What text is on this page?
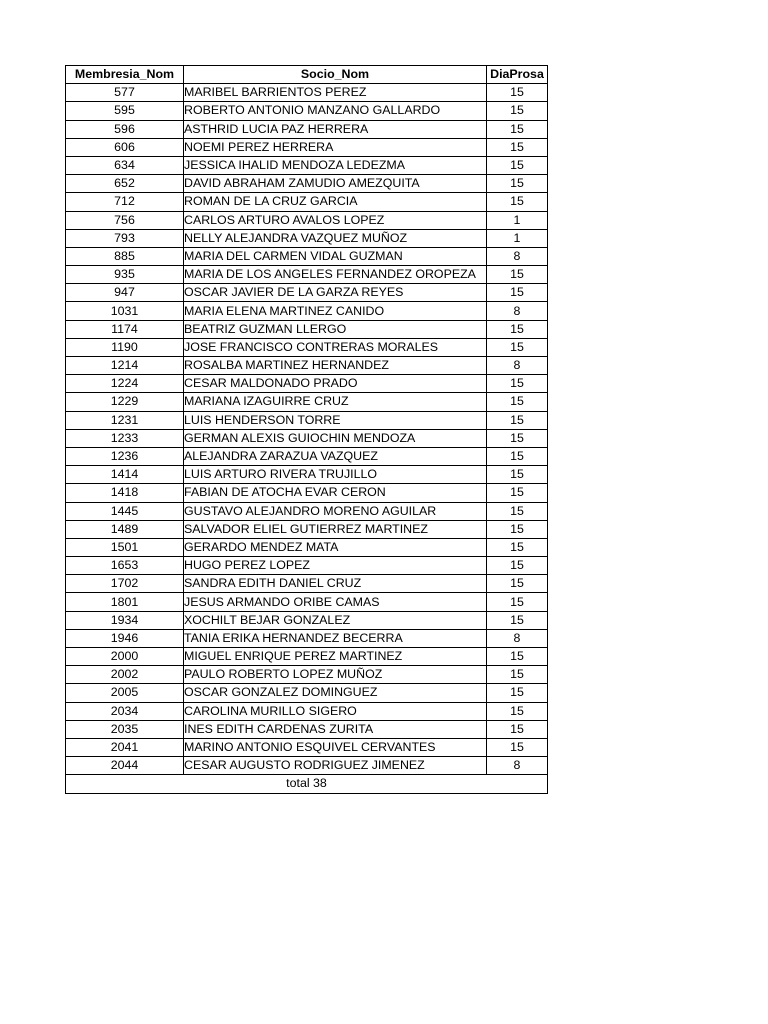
Membresia_Nom	Socio_Nom	DiaProsa
577	MARIBEL BARRIENTOS PEREZ	15
595	ROBERTO ANTONIO MANZANO GALLARDO	15
596	ASTHRID LUCIA PAZ HERRERA	15
606	NOEMI PEREZ HERRERA	15
634	JESSICA IHALID MENDOZA LEDEZMA	15
652	DAVID ABRAHAM ZAMUDIO AMEZQUITA	15
712	ROMAN DE LA CRUZ GARCIA	15
756	CARLOS ARTURO AVALOS LOPEZ	1
793	NELLY ALEJANDRA VAZQUEZ MUÑOZ	1
885	MARIA DEL CARMEN VIDAL GUZMAN	8
935	MARIA DE LOS ANGELES FERNANDEZ OROPEZA	15
947	OSCAR JAVIER DE LA GARZA REYES	15
1031	MARIA ELENA MARTINEZ CANIDO	8
1174	BEATRIZ GUZMAN LLERGO	15
1190	JOSE FRANCISCO CONTRERAS MORALES	15
1214	ROSALBA MARTINEZ HERNANDEZ	8
1224	CESAR MALDONADO PRADO	15
1229	MARIANA IZAGUIRRE CRUZ	15
1231	LUIS HENDERSON TORRE	15
1233	GERMAN ALEXIS GUIOCHIN MENDOZA	15
1236	ALEJANDRA ZARAZUA VAZQUEZ	15
1414	LUIS ARTURO RIVERA TRUJILLO	15
1418	FABIAN DE ATOCHA EVAR CERON	15
1445	GUSTAVO ALEJANDRO MORENO AGUILAR	15
1489	SALVADOR ELIEL GUTIERREZ MARTINEZ	15
1501	GERARDO MENDEZ MATA	15
1653	HUGO PEREZ LOPEZ	15
1702	SANDRA EDITH DANIEL CRUZ	15
1801	JESUS ARMANDO ORIBE CAMAS	15
1934	XOCHILT BEJAR GONZALEZ	15
1946	TANIA ERIKA HERNANDEZ BECERRA	8
2000	MIGUEL ENRIQUE PEREZ MARTINEZ	15
2002	PAULO ROBERTO LOPEZ MUÑOZ	15
2005	OSCAR GONZALEZ DOMINGUEZ	15
2034	CAROLINA MURILLO SIGERO	15
2035	INES EDITH CARDENAS ZURITA	15
2041	MARINO ANTONIO ESQUIVEL CERVANTES	15
2044	CESAR AUGUSTO RODRIGUEZ JIMENEZ	8
total 38		
